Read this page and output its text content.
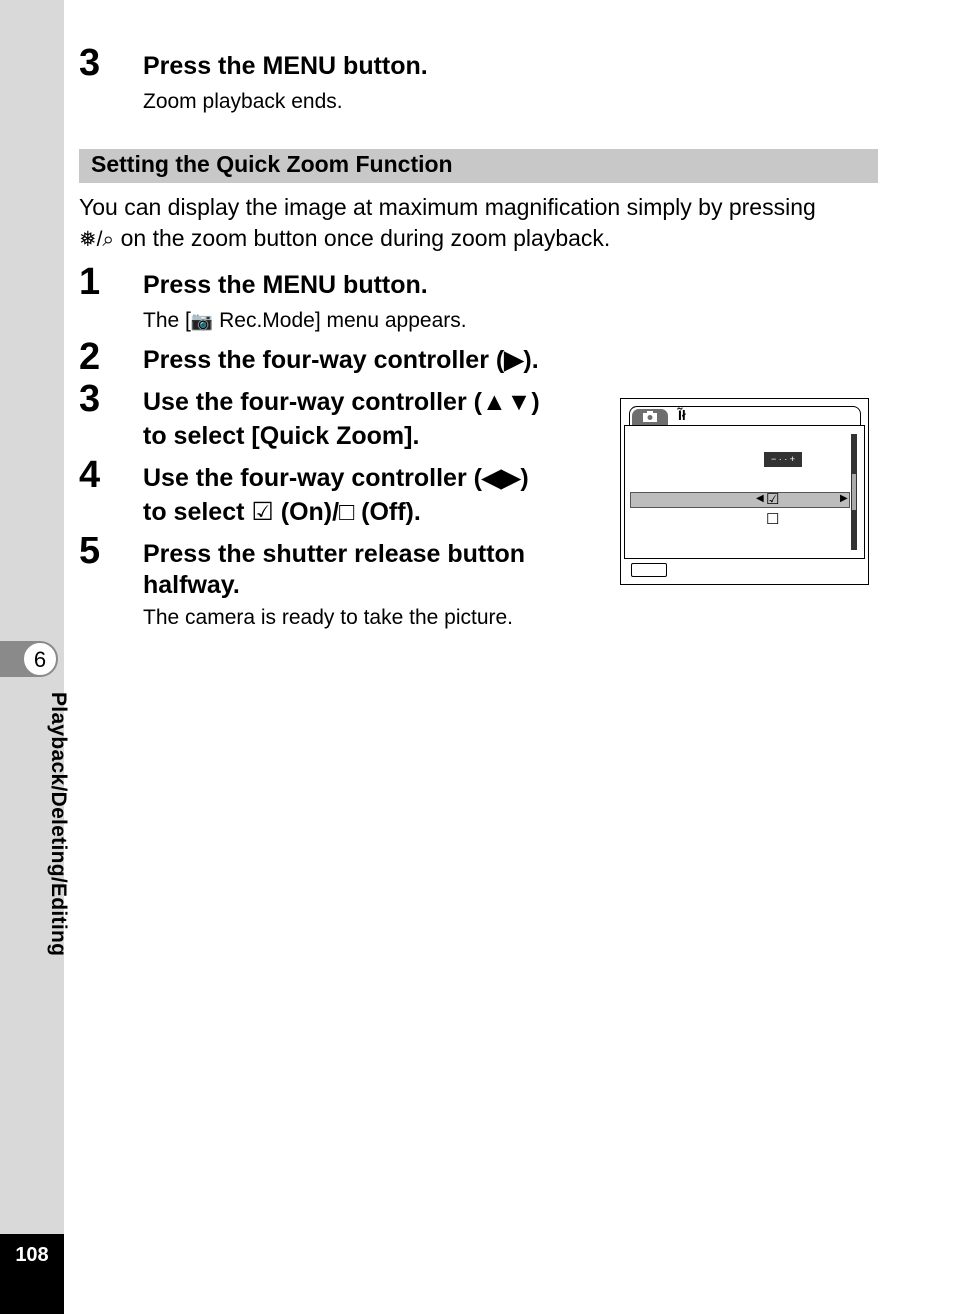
6
Playback/Deleting/Editing
108
3 Press the MENU button.
Zoom playback ends.
Setting the Quick Zoom Function
You can display the image at maximum magnification simply by pressing
❅/⌕ on the zoom button once during zoom playback.
1 Press the MENU button.
The [📷 Rec.Mode] menu appears.
2 Press the four-way controller (▶).
3 Use the four-way controller (▲▼)
to select [Quick Zoom].
4 Use the four-way controller (◀▶)
to select ☑ (On)/□ (Off).
5 Press the shutter release button
halfway.
The camera is ready to take the picture.
Ĩł
− · · +
◀ ☑	▶
☐
